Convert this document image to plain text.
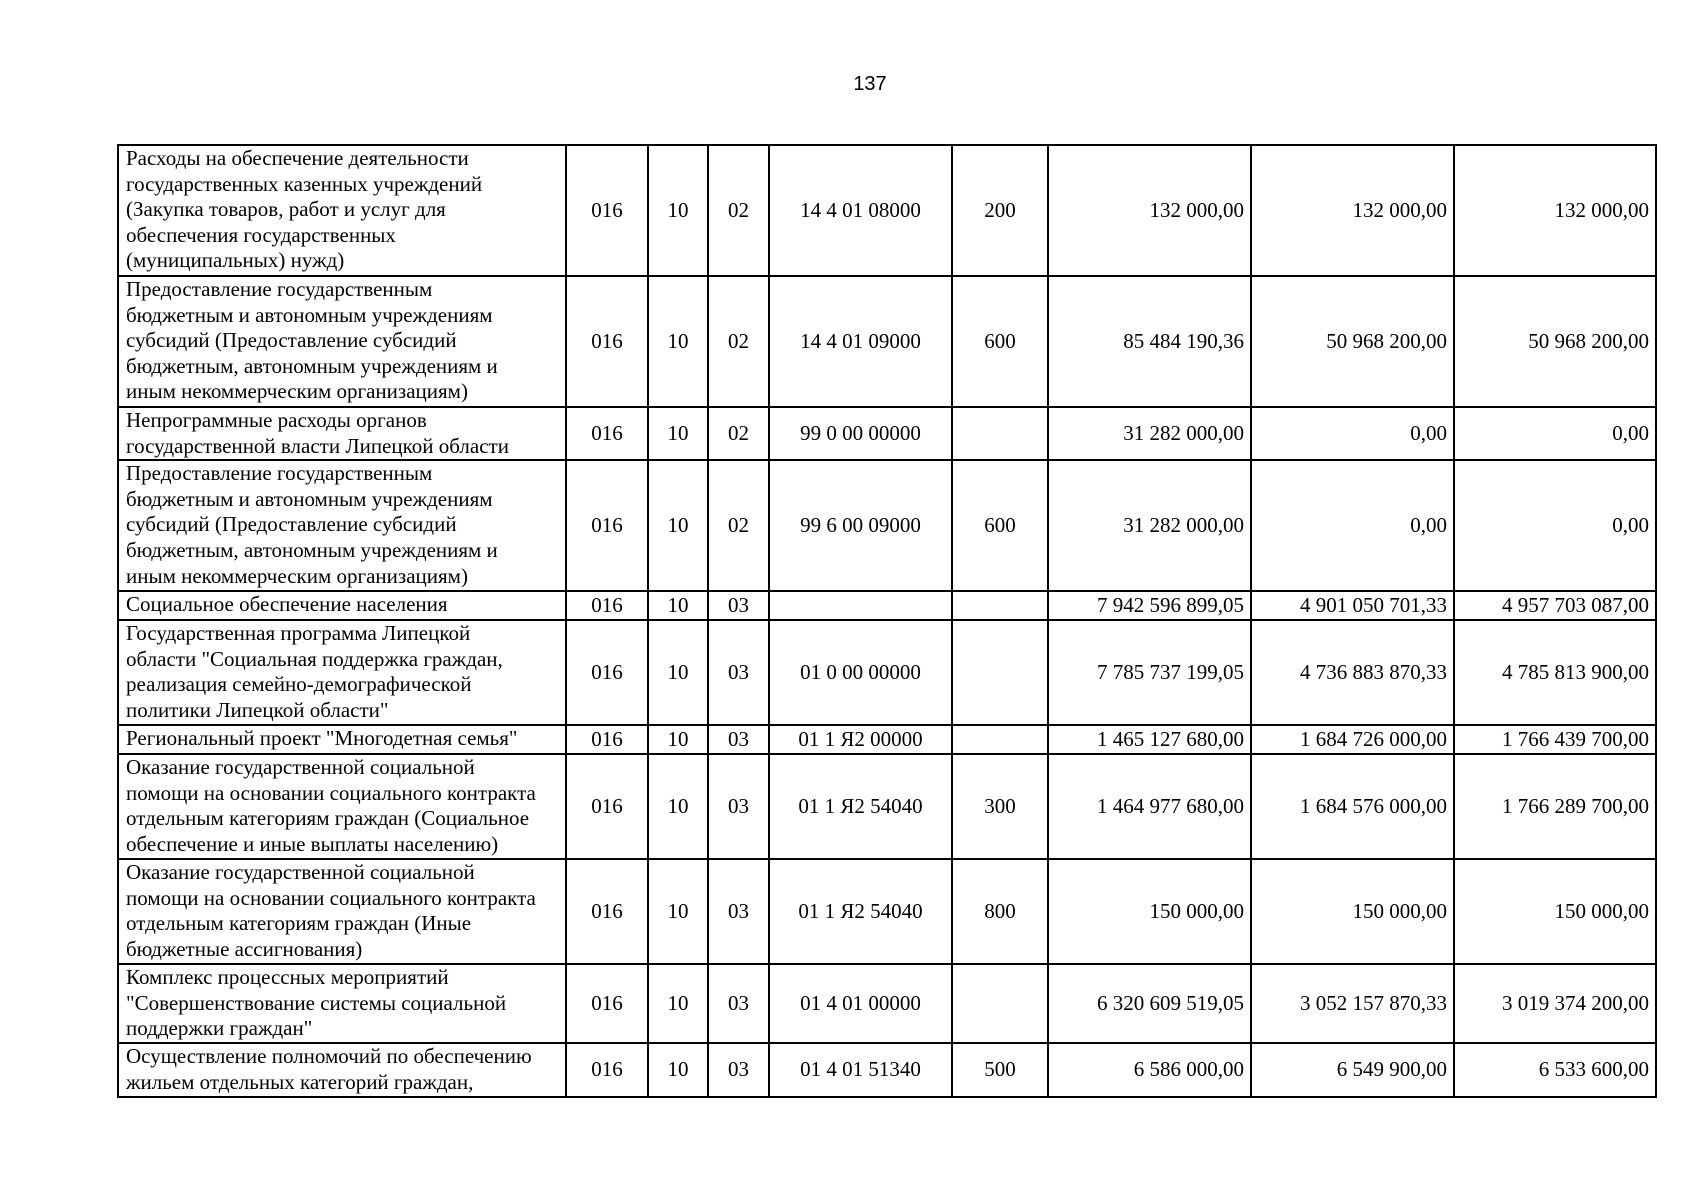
137
Расходы на обеспечение деятельности
государственных казенных учреждений
(Закупка товаров, работ и услуг для
обеспечения государственных
(муниципальных) нужд)	016	10	02	14 4 01 08000	200	132 000,00	132 000,00	132 000,00

Предоставление государственным
бюджетным и автономным учреждениям
субсидий (Предоставление субсидий
бюджетным, автономным учреждениям и
иным некоммерческим организациям)	016	10	02	14 4 01 09000	600	85 484 190,36	50 968 200,00	50 968 200,00

Непрограммные расходы органов
государственной власти Липецкой области	016	10	02	99 0 00 00000		31 282 000,00	0,00	0,00

Предоставление государственным
бюджетным и автономным учреждениям
субсидий (Предоставление субсидий
бюджетным, автономным учреждениям и
иным некоммерческим организациям)	016	10	02	99 6 00 09000	600	31 282 000,00	0,00	0,00

Социальное обеспечение населения	016	10	03			7 942 596 899,05	4 901 050 701,33	4 957 703 087,00

Государственная программа Липецкой
области "Социальная поддержка граждан,
реализация семейно-демографической
политики Липецкой области"	016	10	03	01 0 00 00000		7 785 737 199,05	4 736 883 870,33	4 785 813 900,00

Региональный проект "Многодетная семья"	016	10	03	01 1 Я2 00000		1 465 127 680,00	1 684 726 000,00	1 766 439 700,00

Оказание государственной социальной
помощи на основании социального контракта
отдельным категориям граждан (Социальное
обеспечение и иные выплаты населению)	016	10	03	01 1 Я2 54040	300	1 464 977 680,00	1 684 576 000,00	1 766 289 700,00

Оказание государственной социальной
помощи на основании социального контракта
отдельным категориям граждан (Иные
бюджетные ассигнования)	016	10	03	01 1 Я2 54040	800	150 000,00	150 000,00	150 000,00

Комплекс процессных мероприятий
"Совершенствование системы социальной
поддержки граждан"	016	10	03	01 4 01 00000		6 320 609 519,05	3 052 157 870,33	3 019 374 200,00

Осуществление полномочий по обеспечению
жильем отдельных категорий граждан,	016	10	03	01 4 01 51340	500	6 586 000,00	6 549 900,00	6 533 600,00
